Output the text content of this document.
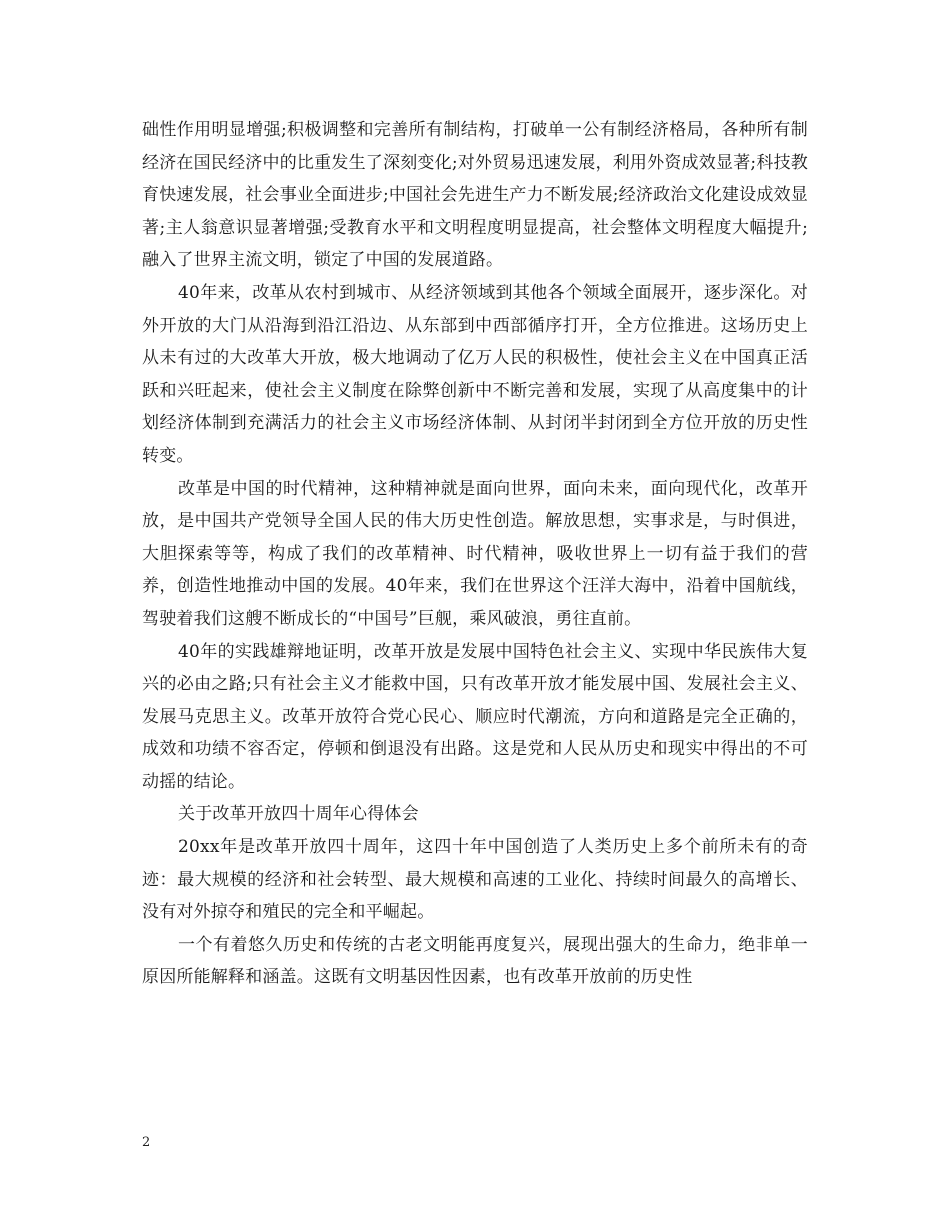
础性作用明显增强;积极调整和完善所有制结构，打破单一公有制经济格局，各种所有制经济在国民经济中的比重发生了深刻变化;对外贸易迅速发展，利用外资成效显著;科技教育快速发展，社会事业全面进步;中国社会先进生产力不断发展;经济政治文化建设成效显著;主人翁意识显著增强;受教育水平和文明程度明显提高，社会整体文明程度大幅提升;融入了世界主流文明，锁定了中国的发展道路。

40年来，改革从农村到城市、从经济领域到其他各个领域全面展开，逐步深化。对外开放的大门从沿海到沿江沿边、从东部到中西部循序打开，全方位推进。这场历史上从未有过的大改革大开放，极大地调动了亿万人民的积极性，使社会主义在中国真正活跃和兴旺起来，使社会主义制度在除弊创新中不断完善和发展，实现了从高度集中的计划经济体制到充满活力的社会主义市场经济体制、从封闭半封闭到全方位开放的历史性转变。

改革是中国的时代精神，这种精神就是面向世界，面向未来，面向现代化，改革开放，是中国共产党领导全国人民的伟大历史性创造。解放思想，实事求是，与时俱进，大胆探索等等，构成了我们的改革精神、时代精神，吸收世界上一切有益于我们的营养，创造性地推动中国的发展。40年来，我们在世界这个汪洋大海中，沿着中国航线，驾驶着我们这艘不断成长的“中国号”巨舰，乘风破浪，勇往直前。

40年的实践雄辩地证明，改革开放是发展中国特色社会主义、实现中华民族伟大复兴的必由之路;只有社会主义才能救中国，只有改革开放才能发展中国、发展社会主义、发展马克思主义。改革开放符合党心民心、顺应时代潮流，方向和道路是完全正确的，成效和功绩不容否定，停顿和倒退没有出路。这是党和人民从历史和现实中得出的不可动摇的结论。

关于改革开放四十周年心得体会

20xx年是改革开放四十周年，这四十年中国创造了人类历史上多个前所未有的奇迹：最大规模的经济和社会转型、最大规模和高速的工业化、持续时间最久的高增长、没有对外掠夺和殖民的完全和平崛起。

一个有着悠久历史和传统的古老文明能再度复兴，展现出强大的生命力，绝非单一原因所能解释和涵盖。这既有文明基因性因素，也有改革开放前的历史性

2
